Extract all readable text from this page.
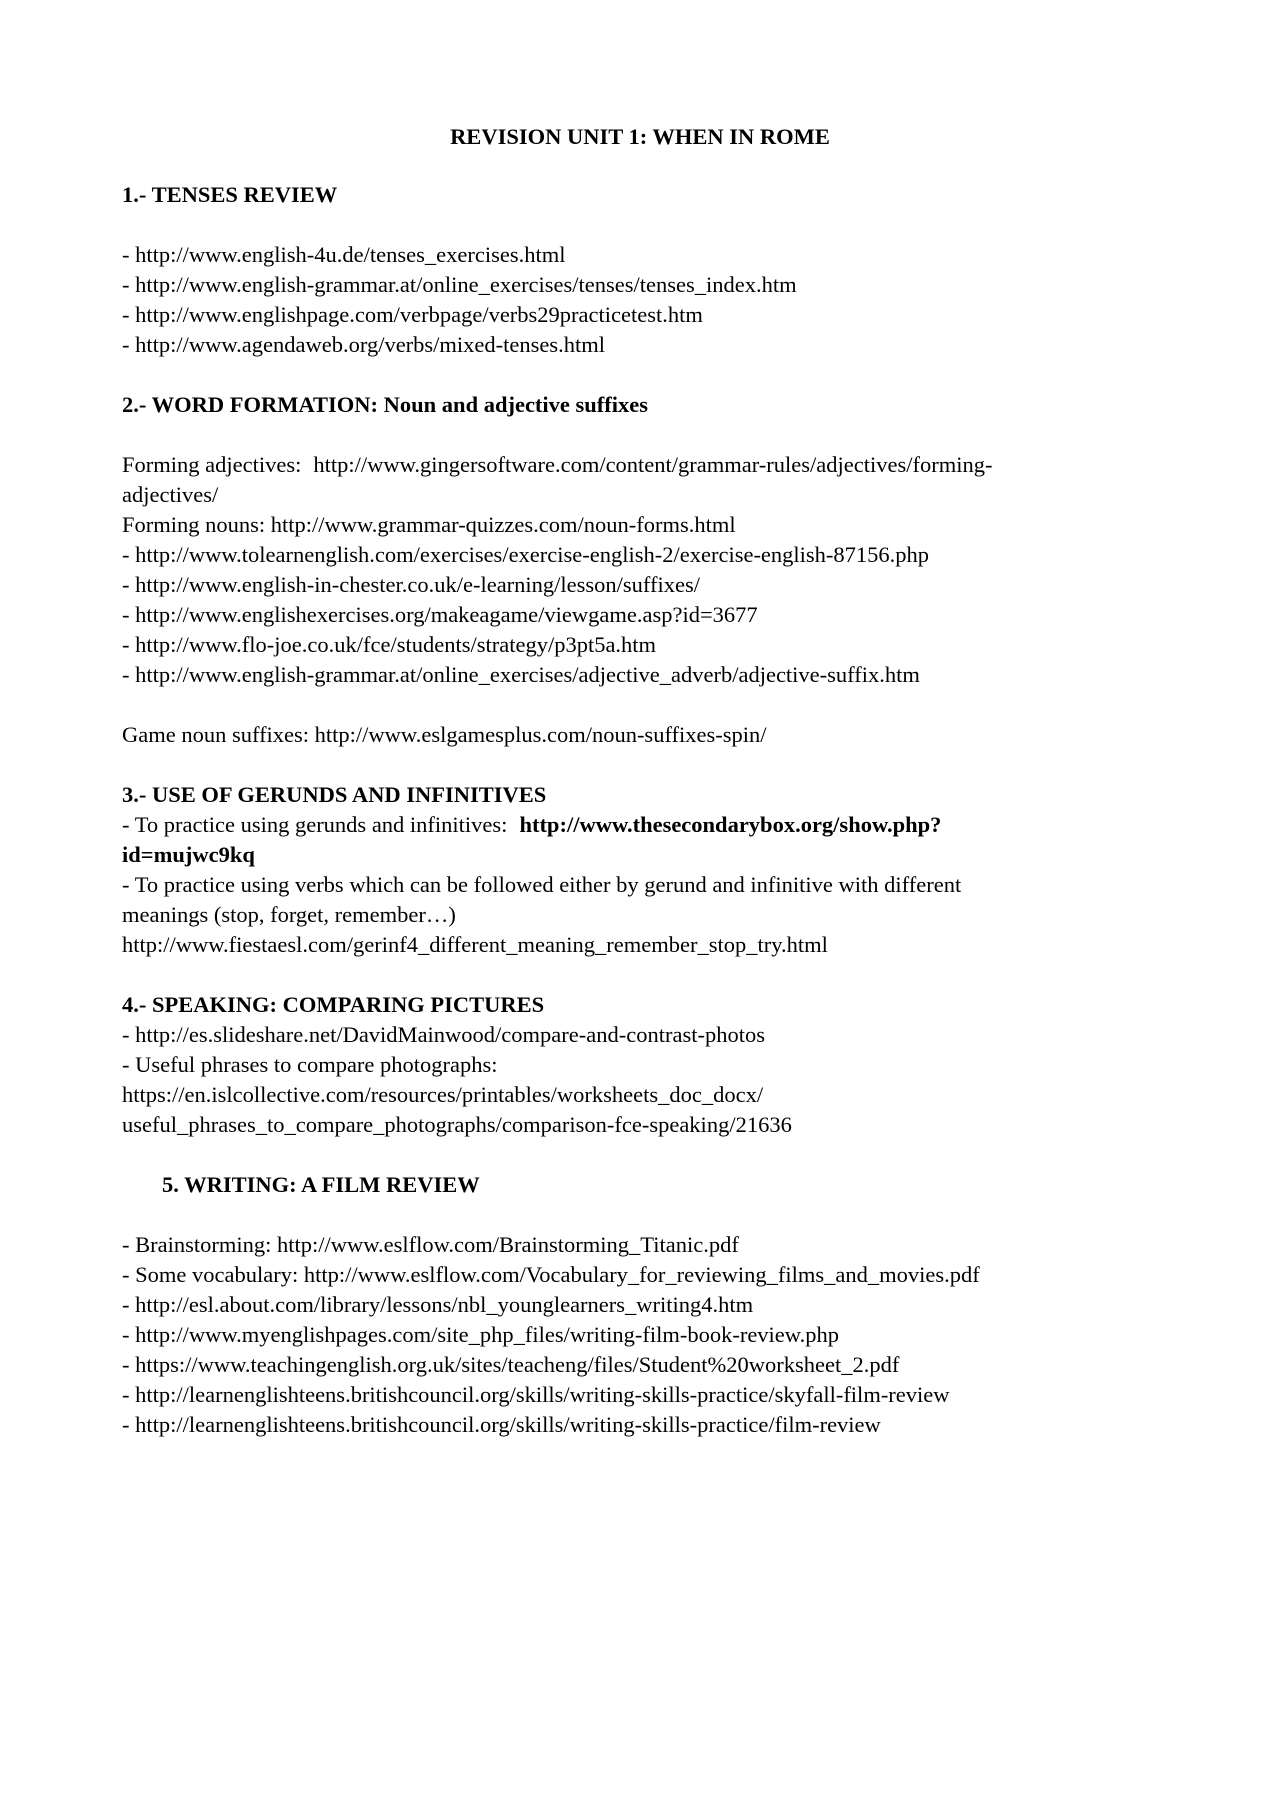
REVISION UNIT 1: WHEN IN ROME
1.- TENSES REVIEW
- http://www.english-4u.de/tenses_exercises.html
- http://www.english-grammar.at/online_exercises/tenses/tenses_index.htm
- http://www.englishpage.com/verbpage/verbs29practicetest.htm
- http://www.agendaweb.org/verbs/mixed-tenses.html
2.- WORD FORMATION: Noun and adjective suffixes
Forming adjectives: http://www.gingersoftware.com/content/grammar-rules/adjectives/forming-
adjectives/
Forming nouns: http://www.grammar-quizzes.com/noun-forms.html
- http://www.tolearnenglish.com/exercises/exercise-english-2/exercise-english-87156.php
- http://www.english-in-chester.co.uk/e-learning/lesson/suffixes/
- http://www.englishexercises.org/makeagame/viewgame.asp?id=3677
- http://www.flo-joe.co.uk/fce/students/strategy/p3pt5a.htm
- http://www.english-grammar.at/online_exercises/adjective_adverb/adjective-suffix.htm
Game noun suffixes: http://www.eslgamesplus.com/noun-suffixes-spin/
3.- USE OF GERUNDS AND INFINITIVES
- To practice using gerunds and infinitives: http://www.thesecondarybox.org/show.php?
id=mujwc9kq
- To practice using verbs which can be followed either by gerund and infinitive with different
meanings (stop, forget, remember…)
http://www.fiestaesl.com/gerinf4_different_meaning_remember_stop_try.html
4.- SPEAKING: COMPARING PICTURES
- http://es.slideshare.net/DavidMainwood/compare-and-contrast-photos
- Useful phrases to compare photographs:
https://en.islcollective.com/resources/printables/worksheets_doc_docx/
useful_phrases_to_compare_photographs/comparison-fce-speaking/21636
5. WRITING: A FILM REVIEW
- Brainstorming: http://www.eslflow.com/Brainstorming_Titanic.pdf
- Some vocabulary: http://www.eslflow.com/Vocabulary_for_reviewing_films_and_movies.pdf
- http://esl.about.com/library/lessons/nbl_younglearners_writing4.htm
- http://www.myenglishpages.com/site_php_files/writing-film-book-review.php
- https://www.teachingenglish.org.uk/sites/teacheng/files/Student%20worksheet_2.pdf
- http://learnenglishteens.britishcouncil.org/skills/writing-skills-practice/skyfall-film-review
- http://learnenglishteens.britishcouncil.org/skills/writing-skills-practice/film-review
